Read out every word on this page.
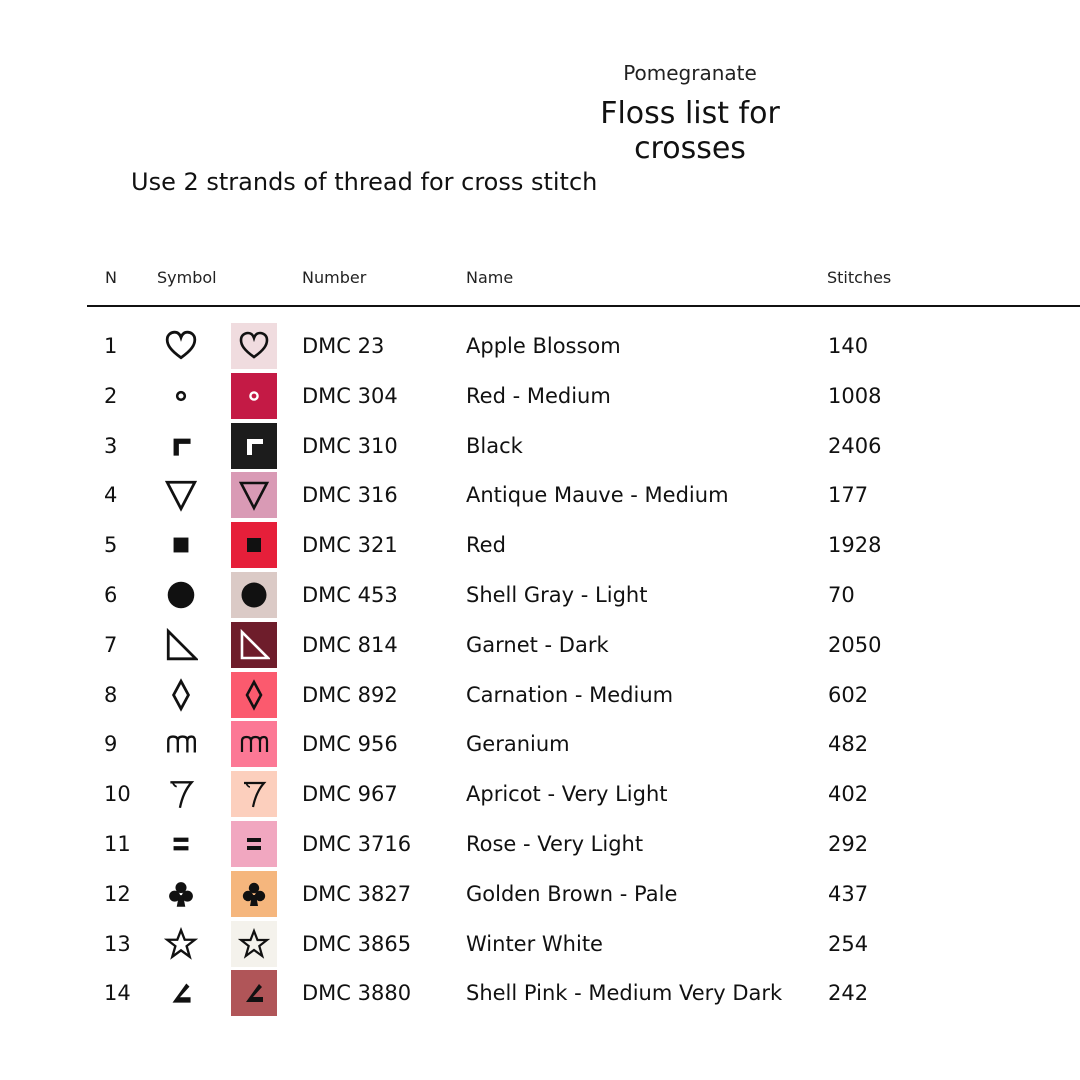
Pomegranate
Floss list for crosses
Use 2 strands of thread for cross stitch
N	Symbol	Number	Name	Stitches
1	DMC 23	Apple Blossom	140
2	DMC 304	Red - Medium	1008
3	DMC 310	Black	2406
4	DMC 316	Antique Mauve - Medium	177
5	DMC 321	Red	1928
6	DMC 453	Shell Gray - Light	70
7	DMC 814	Garnet - Dark	2050
8	DMC 892	Carnation - Medium	602
9	DMC 956	Geranium	482
10	DMC 967	Apricot - Very Light	402
11	DMC 3716	Rose - Very Light	292
12	DMC 3827	Golden Brown - Pale	437
13	DMC 3865	Winter White	254
14	DMC 3880	Shell Pink - Medium Very Dark 242
